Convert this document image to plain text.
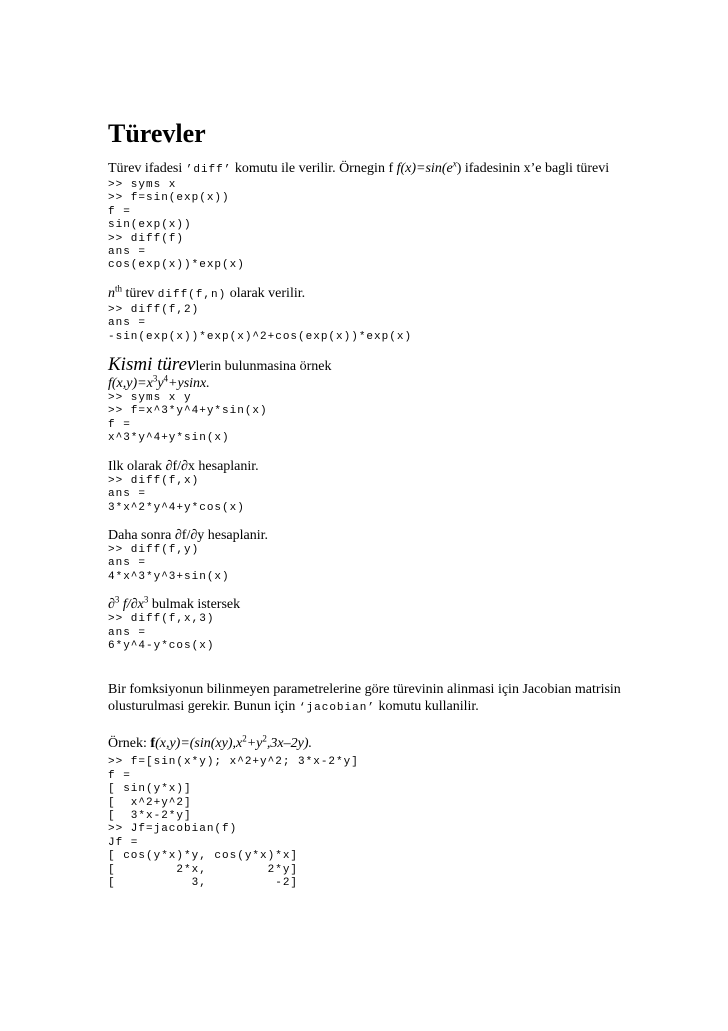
Türevler

Türev ifadesi ’diff’ komutu ile verilir. Örnegin f $f(x)=\sin(e^x)$ ifadesinin x’e bagli türevi

>> syms x
>> f=sin(exp(x))
f =
sin(exp(x))
>> diff(f)
ans =
cos(exp(x))*exp(x)

$n^{th}$ türev diff(f,n) olarak verilir.

>> diff(f,2)
ans =
-sin(exp(x))*exp(x)^2+cos(exp(x))*exp(x)

Kismi türevlerin bulunmasina örnek

$f(x,y)=x^3y^4+ysinx$.

>> syms x y
>> f=x^3*y^4+y*sin(x)
f =
x^3*y^4+y*sin(x)

Ilk olarak ∂f/∂x hesaplanir.

>> diff(f,x)
ans =
3*x^2*y^4+y*cos(x)

Daha sonra ∂f/∂y hesaplanir.

>> diff(f,y)
ans =
4*x^3*y^3+sin(x)

∂$^3$ $f/\partial x^3$ bulmak istersek

>> diff(f,x,3)
ans =
6*y^4-y*cos(x)

Bir fomksiyonun bilinmeyen parametrelerine göre türevinin alinmasi için Jacobian matrisin

olusturulmasi gerekir. Bunun için ‘jacobian’ komutu kullanilir.

Örnek: $f(x,y)=(\sin(xy),x^2+y^2,3x-2y)$.

>> f=[sin(x*y); x^2+y^2; 3*x-2*y]
f =
[ sin(y*x)]
[  x^2+y^2]
[  3*x-2*y]
>> Jf=jacobian(f)
Jf =
[ cos(y*x)*y, cos(y*x)*x]
[        2*x,        2*y]
[          3,         -2]
